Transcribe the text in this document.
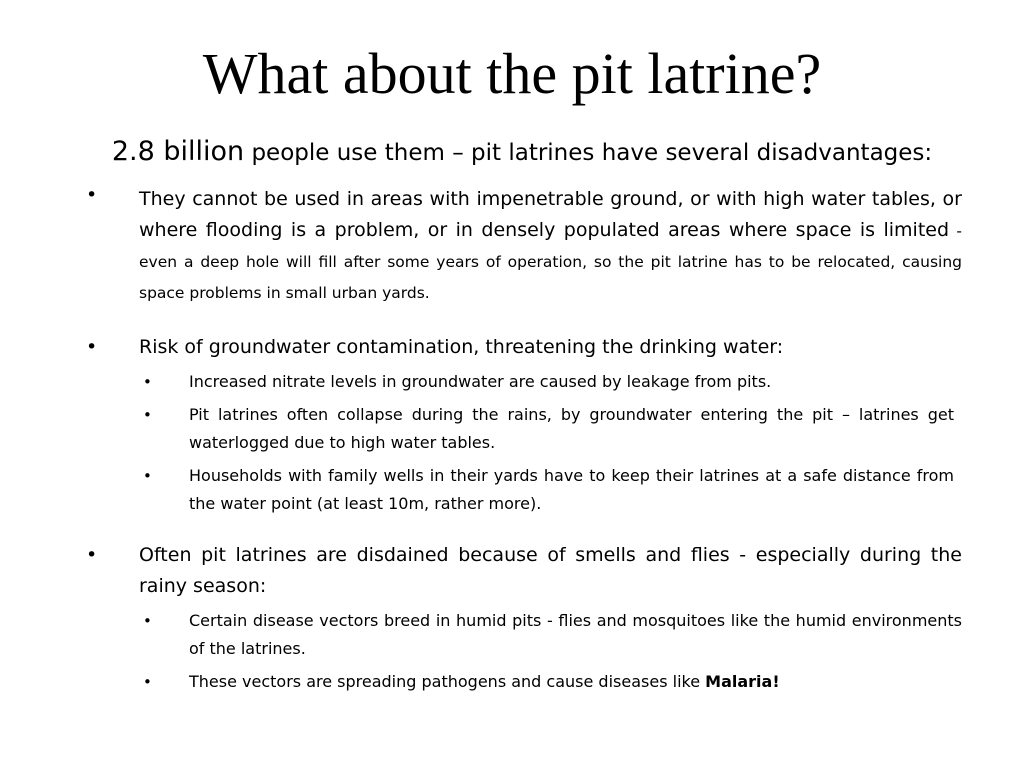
What about the pit latrine?
2.8 billion people use them – pit latrines have several disadvantages:
• They cannot be used in areas with impenetrable ground, or with high water tables, or where flooding is a problem, or in densely populated areas where space is limited - even a deep hole will fill after some years of operation, so the pit latrine has to be relocated, causing space problems in small urban yards.
• Risk of groundwater contamination, threatening the drinking water:
• Increased nitrate levels in groundwater are caused by leakage from pits.
• Pit latrines often collapse during the rains, by groundwater entering the pit – latrines get waterlogged due to high water tables.
• Households with family wells in their yards have to keep their latrines at a safe distance from the water point (at least 10m, rather more).
• Often pit latrines are disdained because of smells and flies - especially during the rainy season:
• Certain disease vectors breed in humid pits - flies and mosquitoes like the humid environments of the latrines.
• These vectors are spreading pathogens and cause diseases like Malaria!
